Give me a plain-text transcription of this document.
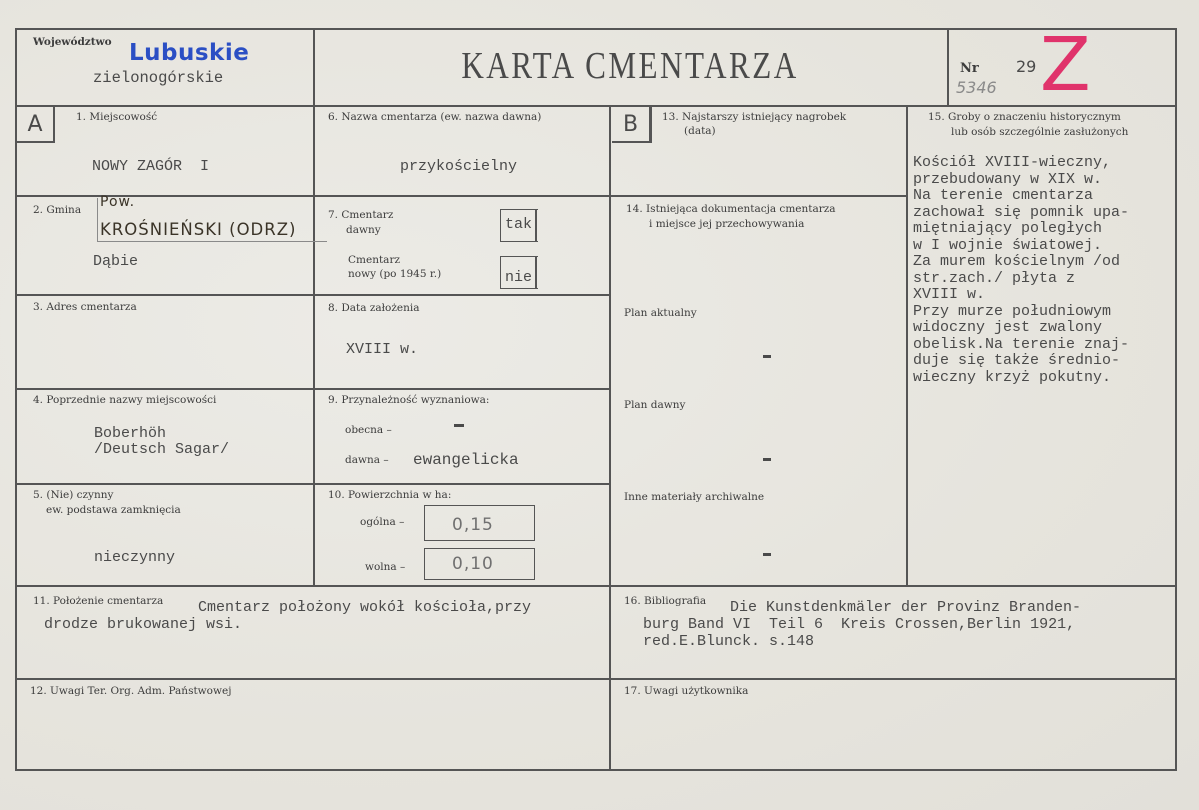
Województwo Lubuskie
zielonogórskie	KARTA CMENTARZA	Nr 29
5346 Z
A	1. Miejscowość
NOWY ZAGÓR  I
2. Gmina Pow.
KROŚNIEŃSKI (ODRZ)
Dąbie
3. Adres cmentarza
4. Poprzednie nazwy miejscowości
Boberhöh
/Deutsch Sagar/
5. (Nie) czynny
ew. podstawa zamknięcia
nieczynny
6. Nazwa cmentarza (ew. nazwa dawna)
przykościelny
7. Cmentarz
dawny	tak
Cmentarz
nowy (po 1945 r.)	nie
8. Data założenia
XVIII w.
9. Przynależność wyznaniowa:
obecna –
dawna – ewangelicka
10. Powierzchnia w ha:
ogólna –	0,15
wolna –	0,10
B	13. Najstarszy istniejący nagrobek
(data)
14. Istniejąca dokumentacja cmentarza
i miejsce jej przechowywania
Plan aktualny
Plan dawny
Inne materiały archiwalne
15. Groby o znaczeniu historycznym
lub osób szczególnie zasłużonych
Kościół XVIII-wieczny,
przebudowany w XIX w.
Na terenie cmentarza
zachował się pomnik upa-
miętniający poległych
w I wojnie światowej.
Za murem kościelnym /od
str.zach./ płyta z
XVIII w.
Przy murze południowym
widoczny jest zwalony
obelisk.Na terenie znaj-
duje się także średnio-
wieczny krzyż pokutny.
11. Położenie cmentarza Cmentarz położony wokół kościoła,przy
drodze brukowanej wsi.
16. Bibliografia Die Kunstdenkmäler der Provinz Branden-
burg Band VI  Teil 6  Kreis Crossen,Berlin 1921,
red.E.Blunck. s.148
12. Uwagi Ter. Org. Adm. Państwowej	17. Uwagi użytkownika
